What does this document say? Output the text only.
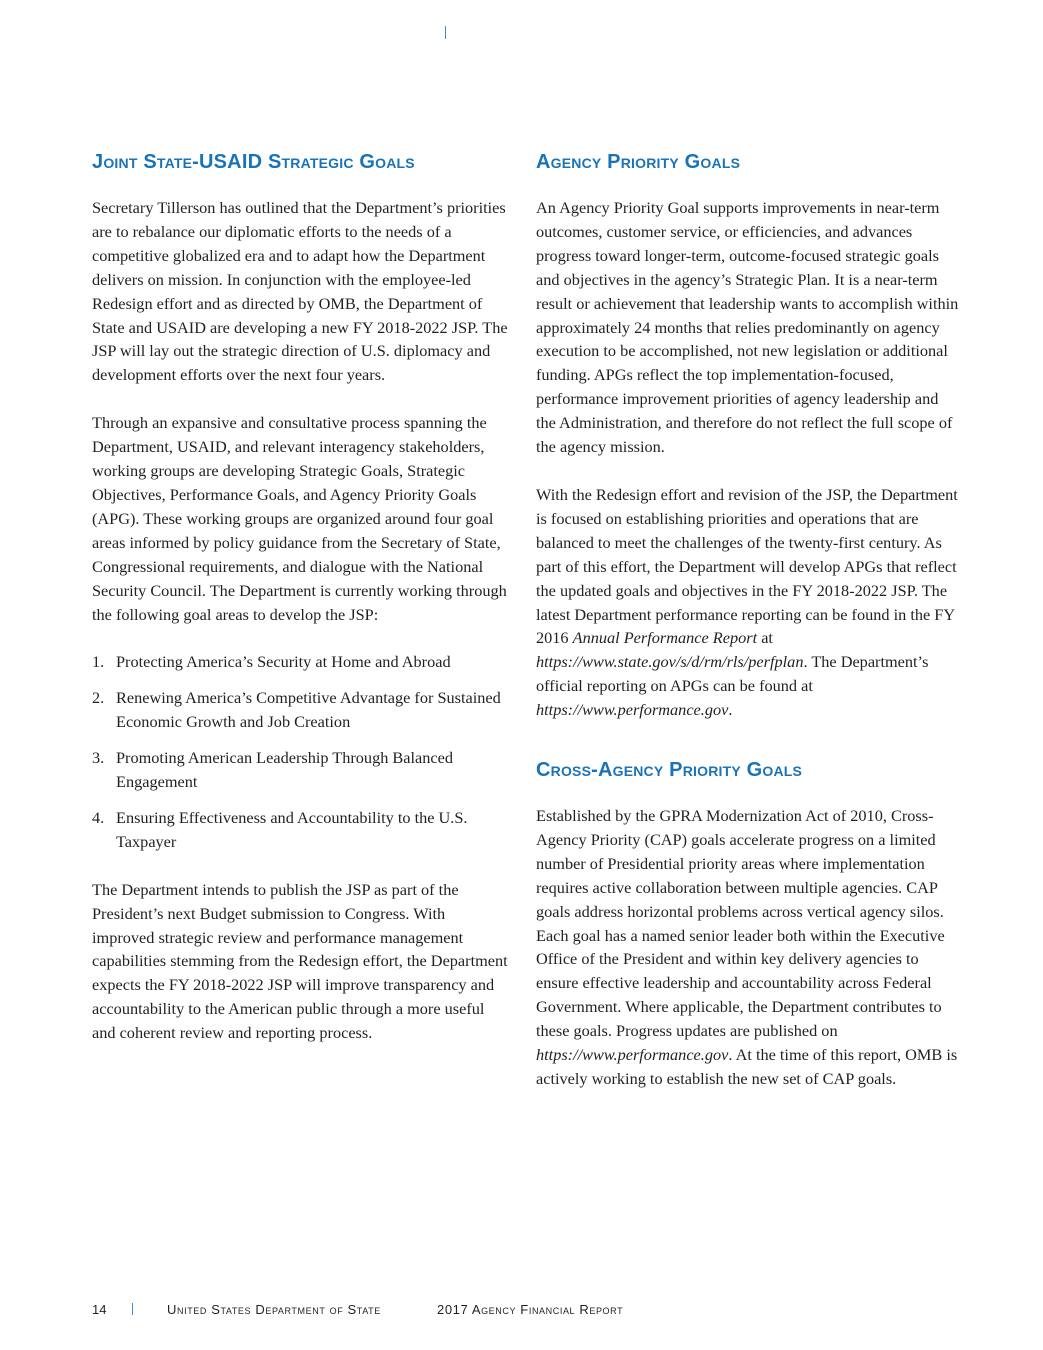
Joint State-USAID Strategic Goals

Secretary Tillerson has outlined that the Department’s priorities are to rebalance our diplomatic efforts to the needs of a competitive globalized era and to adapt how the Department delivers on mission. In conjunction with the employee-led Redesign effort and as directed by OMB, the Department of State and USAID are developing a new FY 2018-2022 JSP. The JSP will lay out the strategic direction of U.S. diplomacy and development efforts over the next four years.

Through an expansive and consultative process spanning the Department, USAID, and relevant interagency stakeholders, working groups are developing Strategic Goals, Strategic Objectives, Performance Goals, and Agency Priority Goals (APG). These working groups are organized around four goal areas informed by policy guidance from the Secretary of State, Congressional requirements, and dialogue with the National Security Council. The Department is currently working through the following goal areas to develop the JSP:

1. Protecting America’s Security at Home and Abroad
2. Renewing America’s Competitive Advantage for Sustained Economic Growth and Job Creation
3. Promoting American Leadership Through Balanced Engagement
4. Ensuring Effectiveness and Accountability to the U.S. Taxpayer

The Department intends to publish the JSP as part of the President’s next Budget submission to Congress. With improved strategic review and performance management capabilities stemming from the Redesign effort, the Department expects the FY 2018-2022 JSP will improve transparency and accountability to the American public through a more useful and coherent review and reporting process.

Agency Priority Goals

An Agency Priority Goal supports improvements in near-term outcomes, customer service, or efficiencies, and advances progress toward longer-term, outcome-focused strategic goals and objectives in the agency’s Strategic Plan. It is a near-term result or achievement that leadership wants to accomplish within approximately 24 months that relies predominantly on agency execution to be accomplished, not new legislation or additional funding. APGs reflect the top implementation-focused, performance improvement priorities of agency leadership and the Administration, and therefore do not reflect the full scope of the agency mission.

With the Redesign effort and revision of the JSP, the Department is focused on establishing priorities and operations that are balanced to meet the challenges of the twenty-first century. As part of this effort, the Department will develop APGs that reflect the updated goals and objectives in the FY 2018-2022 JSP. The latest Department performance reporting can be found in the FY 2016 Annual Performance Report at https://www.state.gov/s/d/rm/rls/perfplan. The Department’s official reporting on APGs can be found at https://www.performance.gov.

Cross-Agency Priority Goals

Established by the GPRA Modernization Act of 2010, Cross-Agency Priority (CAP) goals accelerate progress on a limited number of Presidential priority areas where implementation requires active collaboration between multiple agencies. CAP goals address horizontal problems across vertical agency silos. Each goal has a named senior leader both within the Executive Office of the President and within key delivery agencies to ensure effective leadership and accountability across Federal Government. Where applicable, the Department contributes to these goals. Progress updates are published on https://www.performance.gov. At the time of this report, OMB is actively working to establish the new set of CAP goals.

14	United States Department of State	2017 Agency Financial Report
